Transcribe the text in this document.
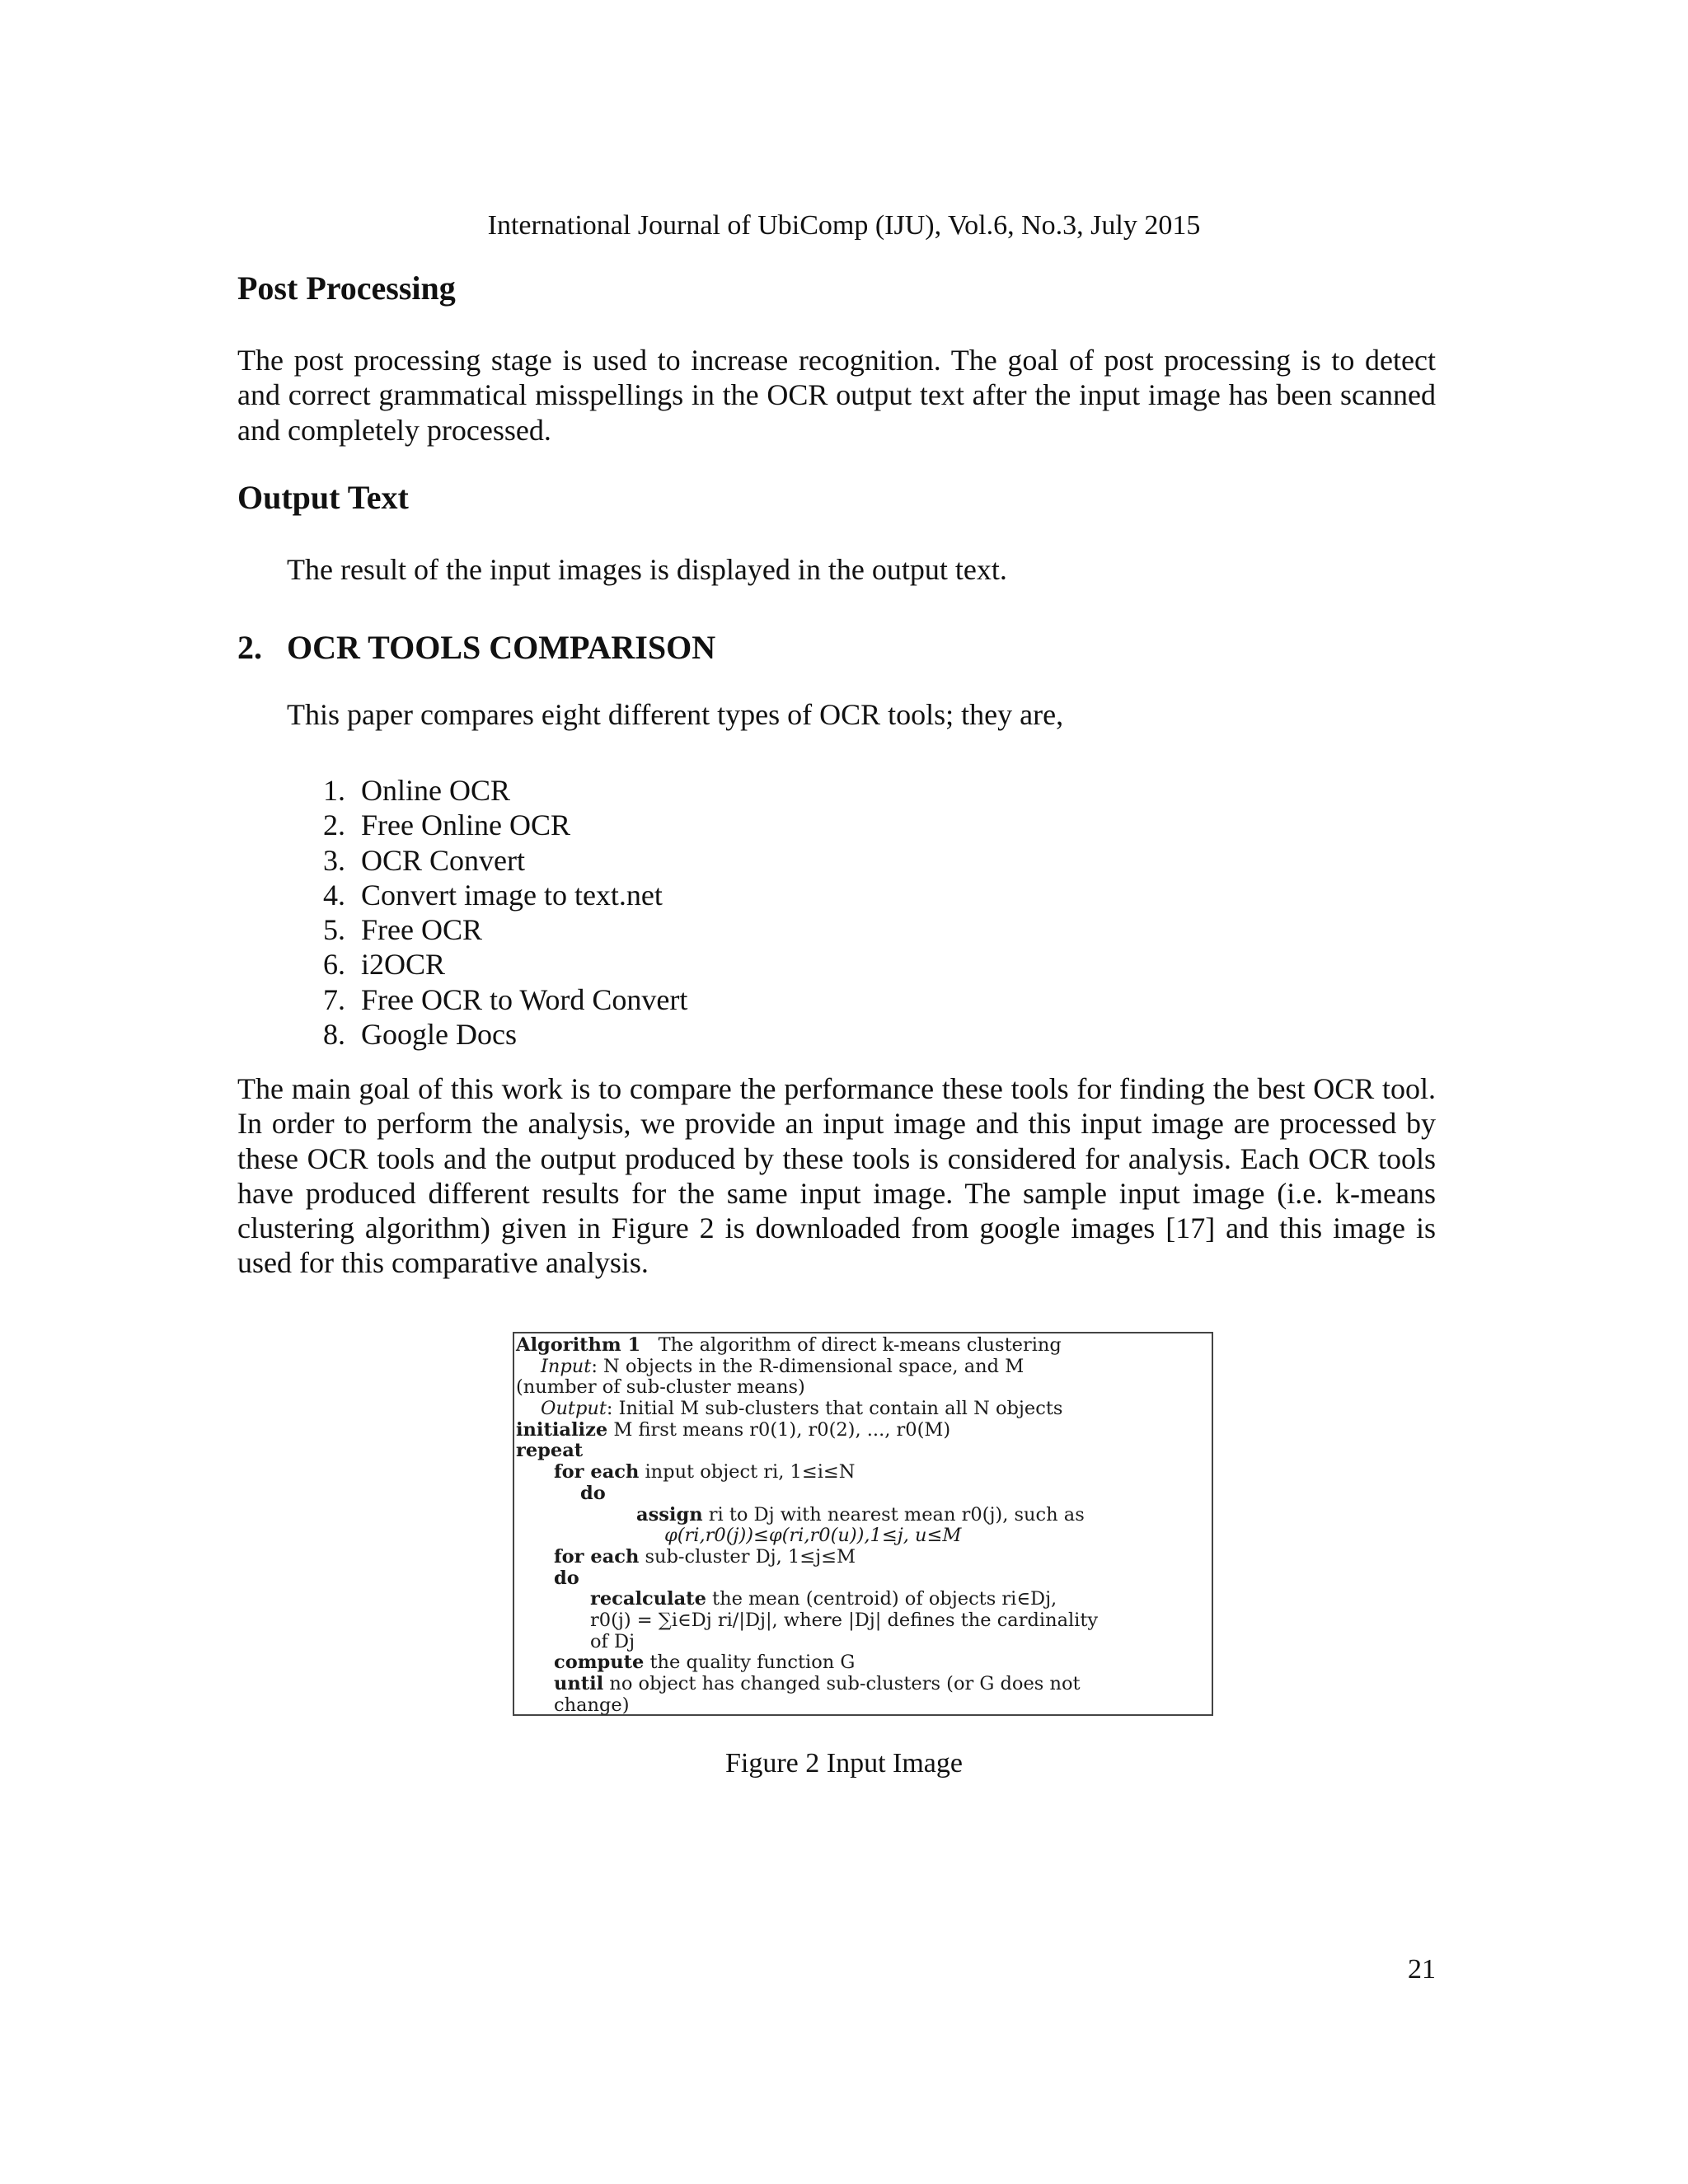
International Journal of UbiComp (IJU), Vol.6, No.3, July 2015
Post Processing
The post processing stage is used to increase recognition. The goal of post processing is to detect and correct grammatical misspellings in the OCR output text after the input image has been scanned and completely processed.
Output Text
The result of the input images is displayed in the output text.
2. OCR TOOLS COMPARISON
This paper compares eight different types of OCR tools; they are,
1. Online OCR
2. Free Online OCR
3. OCR Convert
4. Convert image to text.net
5. Free OCR
6. i2OCR
7. Free OCR to Word Convert
8. Google Docs
The main goal of this work is to compare the performance these tools for finding the best OCR tool. In order to perform the analysis, we provide an input image and this input image are processed by these OCR tools and the output produced by these tools is considered for analysis. Each OCR tools have produced different results for the same input image. The sample input image (i.e. k-means clustering algorithm) given in Figure 2 is downloaded from google images [17] and this image is used for this comparative analysis.
Algorithm 1 The algorithm of direct k-means clustering
Input: N objects in the R-dimensional space, and M
(number of sub-cluster means)
Output: Initial M sub-clusters that contain all N objects
initialize M first means r0(1), r0(2), ..., r0(M)
repeat
for each input object ri, 1≤i≤N
do
assign ri to Dj with nearest mean r0(j), such as
φ(ri,r0(j))≤φ(ri,r0(u)),1≤j, u≤M
for each sub-cluster Dj, 1≤j≤M
do
recalculate the mean (centroid) of objects ri∈Dj,
r0(j) = ∑i∈Dj ri/|Dj|, where |Dj| defines the cardinality
of Dj
compute the quality function G
until no object has changed sub-clusters (or G does not
change)
Figure 2 Input Image
21
